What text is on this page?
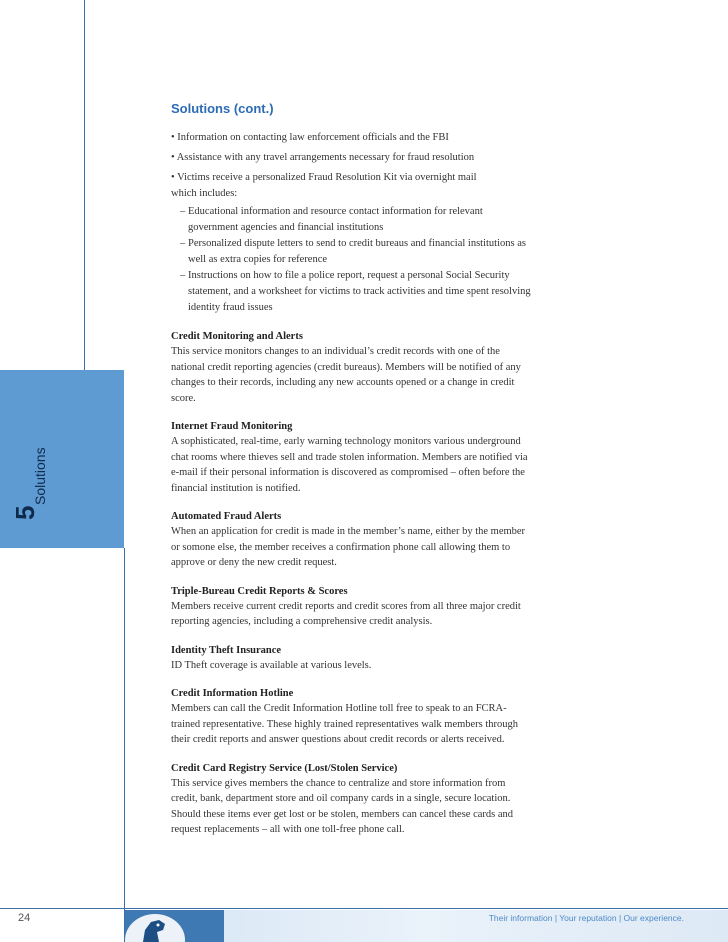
5
Solutions
Solutions (cont.)
• Information on contacting law enforcement officials and the FBI
• Assistance with any travel arrangements necessary for fraud resolution
• Victims receive a personalized Fraud Resolution Kit via overnight mail
which includes:
– Educational information and resource contact information for relevant government agencies and financial institutions
– Personalized dispute letters to send to credit bureaus and financial institutions as well as extra copies for reference
– Instructions on how to file a police report, request a personal Social Security statement, and a worksheet for victims to track activities and time spent resolving identity fraud issues

Credit Monitoring and Alerts

This service monitors changes to an individual’s credit records with one of the national credit reporting agencies (credit bureaus). Members will be notified of any changes to their records, including any new accounts opened or a change in credit score.

Internet Fraud Monitoring

A sophisticated, real-time, early warning technology monitors various underground chat rooms where thieves sell and trade stolen information. Members are notified via e-mail if their personal information is discovered as compromised – often before the financial institution is notified.

Automated Fraud Alerts

When an application for credit is made in the member’s name, either by the member or somone else, the member receives a confirmation phone call allowing them to approve or deny the new credit request.

Triple-Bureau Credit Reports & Scores

Members receive current credit reports and credit scores from all three major credit reporting agencies, including a comprehensive credit analysis.

Identity Theft Insurance

ID Theft coverage is available at various levels.

Credit Information Hotline

Members can call the Credit Information Hotline toll free to speak to an FCRA-trained representative. These highly trained representatives walk members through their credit reports and answer questions about credit records or alerts received.

Credit Card Registry Service (Lost/Stolen Service)

This service gives members the chance to centralize and store information from credit, bank, department store and oil company cards in a single, secure location. Should these items ever get lost or be stolen, members can cancel these cards and request replacements – all with one toll-free phone call.

24	Their information | Your reputation | Our experience.
